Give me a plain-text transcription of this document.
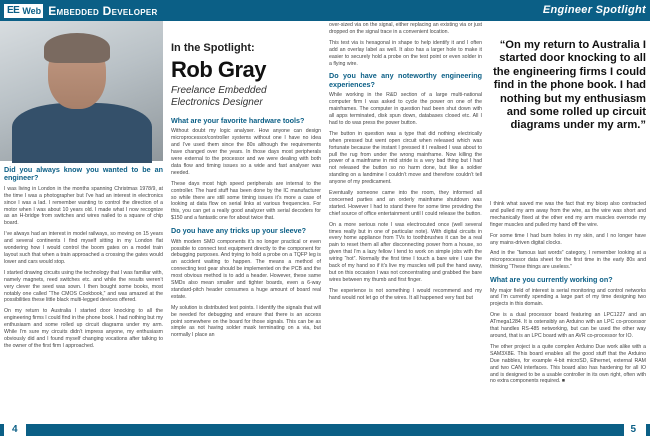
EE Web Embedded Developer	Engineer Spotlight
In the Spotlight:
Rob Gray
Freelance Embedded
Electronics Designer
Did you always know you wanted to be an engineer?

I was living in London in the months spanning Christmas 1978/9, at the time I was a photographer but I’ve had an interest in electronics since I was a lad. I remember wanting to control the direction of a motor when I was about 10 years old. I made what I now recognize as an H-bridge from switches and wires nailed to a square of chip board.

I’ve always had an interest in model railways, so moving on 15 years and several continents I find myself sitting in my London flat wondering how I would control the boom gates on a model train layout such that when a train approached a crossing the gates would lower and cars would stop.

I started drawing circuits using the technology that I was familiar with, namely magnets, reed switches etc. and while the results weren’t very clever the seed was sown. I then bought some books, most notably one called “The CMOS Cookbook,” and was amazed at the possibilities these little black multi-legged devices offered.

On my return to Australia I started door knocking to all the engineering firms I could find in the phone book. I had nothing but my enthusiasm and some rolled up circuit diagrams under my arm. While I’m sure my circuits didn’t impress anyone, my enthusiasm obviously did and I found myself changing vocations after talking to the owner of the first firm I approached.

What are your favorite hardware tools?

Without doubt my logic analyser. How anyone can design microprocessor/controller systems without one I have no idea and I’ve used them since the 80s although the requirements have changed over the years. In those days most peripherals were external to the processor and we were dealing with both data flow and timing issues so a wide and fast analyser was needed.

These days most high speed peripherals are internal to the controller. The hard stuff has been done by the IC manufacturer so while there are still some timing issues it’s more a case of looking at data flow on serial links at various frequencies. For this, you can get a really good analyzer with serial decoders for $150 and a fantastic one for about twice that.

Do you have any tricks up your sleeve?

With modern SMD components it’s no longer practical or even possible to connect test equipment directly to the component for debugging purposes. And trying to hold a probe on a TQFP leg is an accident waiting to happen. The means a method of connecting test gear should be implemented on the PCB and the most obvious method is to add a header. However, these same SMDs also mean smaller and tighter boards, even a 6-way standard-pitch header consumes a huge amount of board real estate.

My solution is distributed test points. I identify the signals that will be needed for debugging and ensure that there is an access point somewhere on the board for those signals. This can be as simple as not having solder mask terminating on a via, but normally I place an

over-sized via on the signal, either replacing an existing via or just dropped on the signal trace in a convenient location.

This test via is hexagonal in shape to help identify it and I often add an overlay label as well. It also has a larger hole to make it easier to securely hold a probe on the test point or even solder in a flying wire.

Do you have any noteworthy engineering experiences?

While working in the R&D section of a large multi-national computer firm I was asked to cycle the power on one of the mainframes. The computer in question had been shut down with all apps terminated, disk spun down, databases closed etc. All I had to do was press the power button.

The button in question was a type that did nothing electrically when pressed but went open circuit when released which was fortunate because the instant I pressed it I realised I was about to pull the rug from under the wrong mainframe. Now killing the power of a mainframe in mid stride is a very bad thing but I had not released the button so no harm done, but like a soldier standing on a landmine I couldn’t move and therefore couldn’t tell anyone of my predicament.

Eventually someone came into the room, they informed all concerned parties and an orderly mainframe shutdown was started. However I had to stand there for some time providing the chief source of office entertainment until I could release the button.

On a more serious note I was electrocuted once (well several times really but in one of particular note). With digital circuits in every home appliance from TVs to toothbrushes it can be a real pain to reset them all after disconnecting power from a house, so given that I’m a lazy fellow I tend to work on simple jobs with the wiring “hot”. Normally the first time I touch a bare wire I use the back of my hand so if it’s live my muscles will pull the hand away, but on this occasion I was not concentrating and grabbed the bare wires between my thumb and first finger.

The experience is not something I would recommend and my hand would not let go of the wires. It all happened very fast but

“On my return to Australia I started door knocking to all the engineering firms I could find in the phone book. I had nothing but my enthusiasm and some rolled up circuit diagrams under my arm.”

I think what saved me was the fact that my bicep also contracted and pulled my arm away from the wire, as the wire was short and mechanically fixed at the other end my arm muscles overrode my finger muscles and pulled my hand off the wire.

For some time I had burn holes in my skin, and I no longer have any mains-driven digital clocks.

And in the “famous last words” category, I remember looking at a microprocessor data sheet for the first time in the early 80s and thinking “These things are useless.”

What are you currently working on?

My major field of interest is serial monitoring and control networks and I’m currently spending a large part of my time designing two projects in this domain.

One is a dual processor board featuring an LPC1227 and an ATmega1284. It is ostensibly an Arduino with an LPC co-processor that handles RS-485 networking, but can be used the other way around, that is an LPC board with an AVR co-processor for IO.

The other project is a quite complex Arduino Due work alike with a SAM3X8E. This board enables all the good stuff that the Arduino Due nabbles, for example 4-bit microSD, Ethernet, external RAM and two CAN interfaces. This board also has hardening for all IO and is designed to be a usable controller in its own right, often with no extra components required. ■

4	5
